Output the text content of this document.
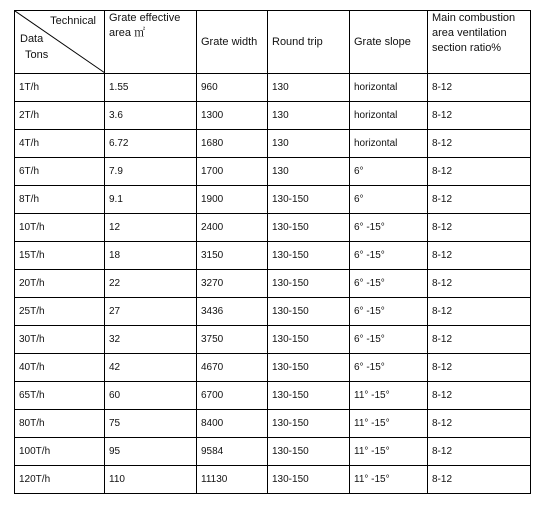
Technical
Data
Tons	Grate effective area ㎡	Grate width	Round trip	Grate slope	Main combustion area ventilation section ratio%
1T/h	1.55	960	130	horizontal	8-12
2T/h	3.6	1300	130	horizontal	8-12
4T/h	6.72	1680	130	horizontal	8-12
6T/h	7.9	1700	130	6°	8-12
8T/h	9.1	1900	130-150	6°	8-12
10T/h	12	2400	130-150	6° -15°	8-12
15T/h	18	3150	130-150	6° -15°	8-12
20T/h	22	3270	130-150	6° -15°	8-12
25T/h	27	3436	130-150	6° -15°	8-12
30T/h	32	3750	130-150	6° -15°	8-12
40T/h	42	4670	130-150	6° -15°	8-12
65T/h	60	6700	130-150	11° -15°	8-12
80T/h	75	8400	130-150	11° -15°	8-12
100T/h	95	9584	130-150	11° -15°	8-12
120T/h	110	11130	130-150	11° -15°	8-12
